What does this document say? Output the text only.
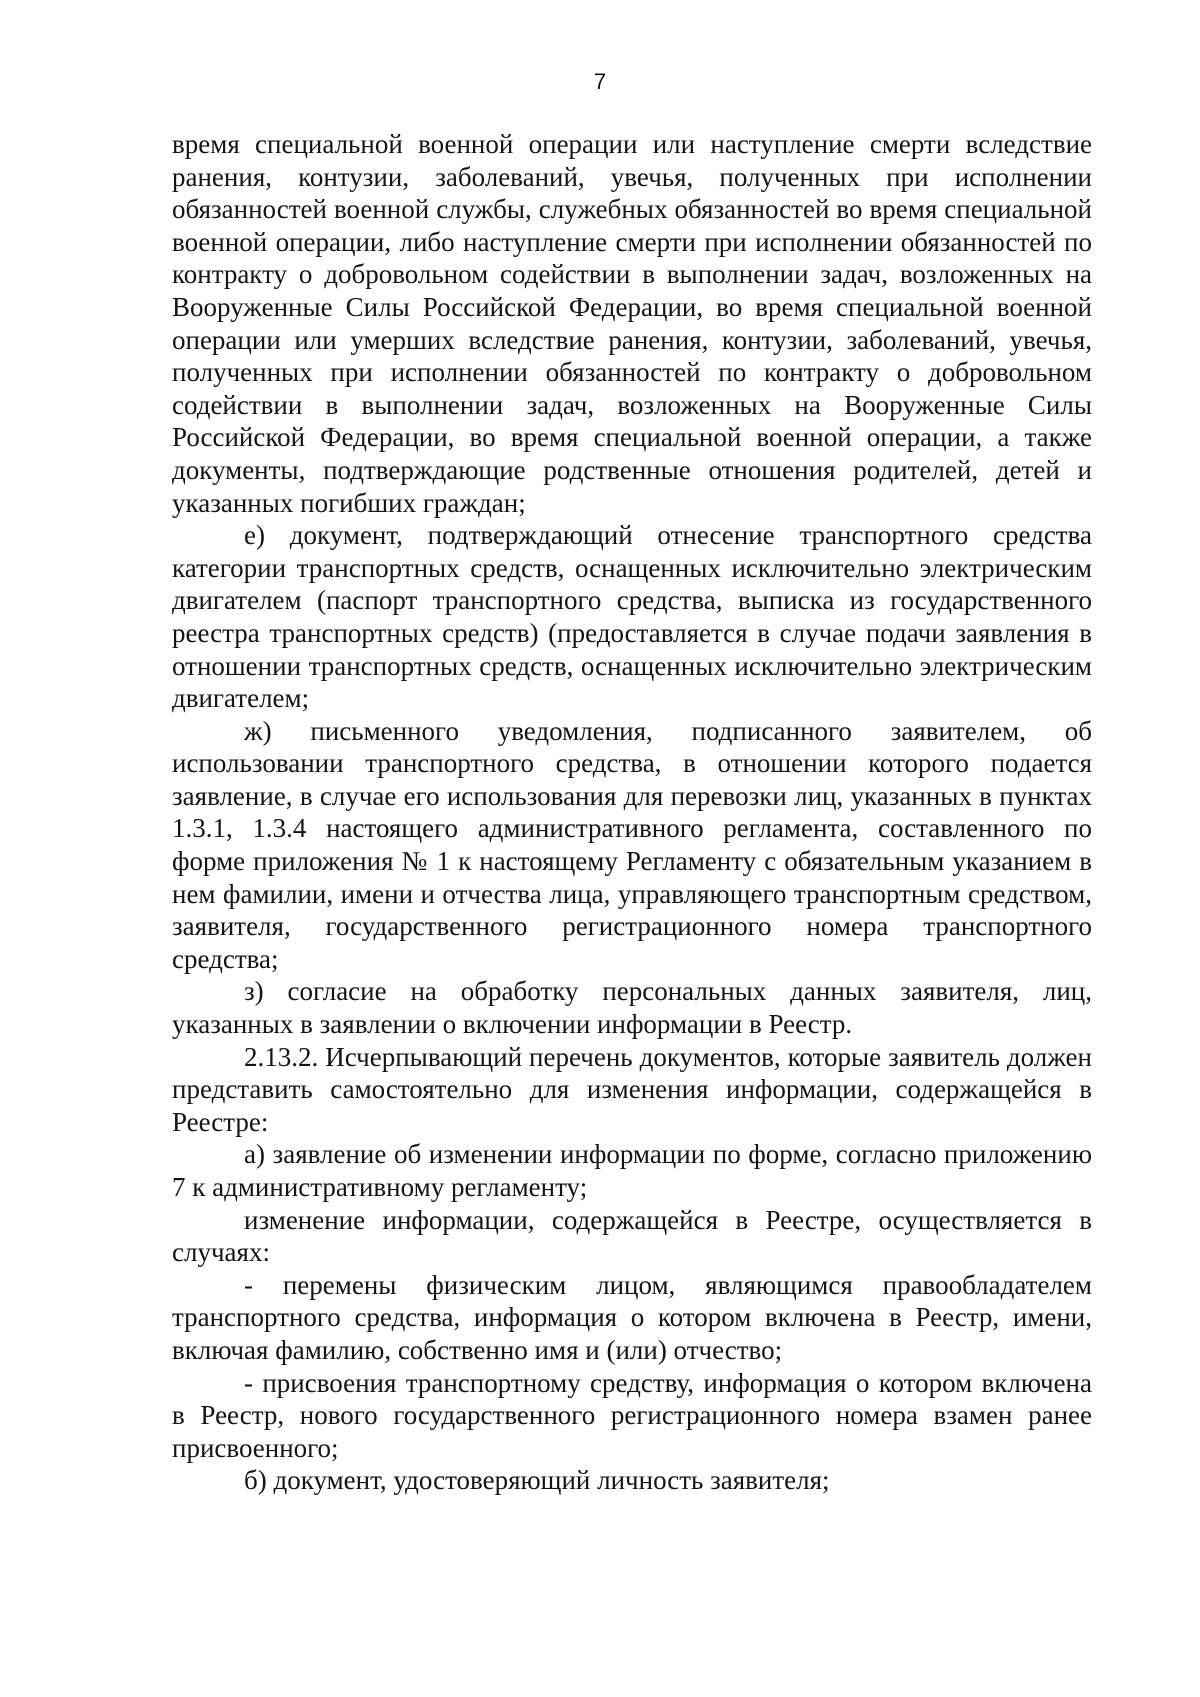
7

время специальной военной операции или наступление смерти вследствие ранения, контузии, заболеваний, увечья, полученных при исполнении обязанностей военной службы, служебных обязанностей во время специальной военной операции, либо наступление смерти при исполнении обязанностей по контракту о добровольном содействии в выполнении задач, возложенных на Вооруженные Силы Российской Федерации, во время специальной военной операции или умерших вследствие ранения, контузии, заболеваний, увечья, полученных при исполнении обязанностей по контракту о добровольном содействии в выполнении задач, возложенных на Вооруженные Силы Российской Федерации, во время специальной военной операции, а также документы, подтверждающие родственные отношения родителей, детей и указанных погибших граждан;

е) документ, подтверждающий отнесение транспортного средства категории транспортных средств, оснащенных исключительно электрическим двигателем (паспорт транспортного средства, выписка из государственного реестра транспортных средств) (предоставляется в случае подачи заявления в отношении транспортных средств, оснащенных исключительно электрическим двигателем;

ж) письменного уведомления, подписанного заявителем, об использовании транспортного средства, в отношении которого подается заявление, в случае его использования для перевозки лиц, указанных в пунктах 1.3.1, 1.3.4 настоящего административного регламента, составленного по форме приложения № 1 к настоящему Регламенту с обязательным указанием в нем фамилии, имени и отчества лица, управляющего транспортным средством, заявителя, государственного регистрационного номера транспортного средства;

з) согласие на обработку персональных данных заявителя, лиц, указанных в заявлении о включении информации в Реестр.

2.13.2. Исчерпывающий перечень документов, которые заявитель должен представить самостоятельно для изменения информации, содержащейся в Реестре:

а) заявление об изменении информации по форме, согласно приложению 7 к административному регламенту;

изменение информации, содержащейся в Реестре, осуществляется в случаях:

- перемены физическим лицом, являющимся правообладателем транспортного средства, информация о котором включена в Реестр, имени, включая фамилию, собственно имя и (или) отчество;

- присвоения транспортному средству, информация о котором включена в Реестр, нового государственного регистрационного номера взамен ранее присвоенного;

б) документ, удостоверяющий личность заявителя;
